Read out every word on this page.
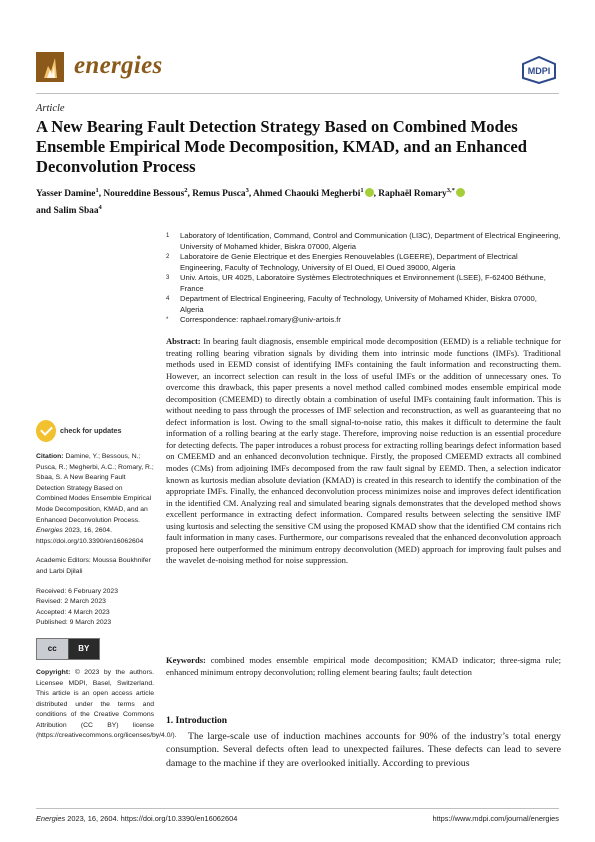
energies	MDPI
Article
A New Bearing Fault Detection Strategy Based on Combined Modes Ensemble Empirical Mode Decomposition, KMAD, and an Enhanced Deconvolution Process
Yasser Damine$^1$, Noureddine Bessous$^2$, Remus Pusca$^3$, Ahmed Chaouki Megherbi$^1$ , Raphaël Romary$^{3,*}$
and Salim Sbaa$^4$
1	Laboratory of Identification, Command, Control and Communication (LI3C), Department of Electrical Engineering, University of Mohamed khider, Biskra 07000, Algeria
2	Laboratoire de Genie Electrique et des Energies Renouvelables (LGEERE), Department of Electrical Engineering, Faculty of Technology, University of El Oued, El Oued 39000, Algeria
3	Univ. Artois, UR 4025, Laboratoire Systèmes Electrotechniques et Environnement (LSEE), F-62400 Béthune, France
4	Department of Electrical Engineering, Faculty of Technology, University of Mohamed Khider, Biskra 07000, Algeria
*	Correspondence: raphael.romary@univ-artois.fr
check for updates

Citation: Damine, Y.; Bessous, N.; Pusca, R.; Megherbi, A.C.; Romary, R.; Sbaa, S. A New Bearing Fault Detection Strategy Based on Combined Modes Ensemble Empirical Mode Decomposition, KMAD, and an Enhanced Deconvolution Process. Energies 2023, 16, 2604. https://doi.org/10.3390/en16062604

Academic Editors: Moussa Boukhnifer and Larbi Djilali

Received: 6 February 2023
Revised: 2 March 2023
Accepted: 4 March 2023
Published: 9 March 2023

cc	BY

Copyright: © 2023 by the authors. Licensee MDPI, Basel, Switzerland. This article is an open access article distributed under the terms and conditions of the Creative Commons Attribution (CC BY) license (https://creativecommons.org/licenses/by/4.0/).

Abstract: In bearing fault diagnosis, ensemble empirical mode decomposition (EEMD) is a reliable technique for treating rolling bearing vibration signals by dividing them into intrinsic mode functions (IMFs). Traditional methods used in EEMD consist of identifying IMFs containing the fault information and reconstructing them. However, an incorrect selection can result in the loss of useful IMFs or the addition of unnecessary ones. To overcome this drawback, this paper presents a novel method called combined modes ensemble empirical mode decomposition (CMEEMD) to directly obtain a combination of useful IMFs containing fault information. This is without needing to pass through the processes of IMF selection and reconstruction, as well as guaranteeing that no defect information is lost. Owing to the small signal-to-noise ratio, this makes it difficult to determine the fault information of a rolling bearing at the early stage. Therefore, improving noise reduction is an essential procedure for detecting defects. The paper introduces a robust process for extracting rolling bearings defect information based on CMEEMD and an enhanced deconvolution technique. Firstly, the proposed CMEEMD extracts all combined modes (CMs) from adjoining IMFs decomposed from the raw fault signal by EEMD. Then, a selection indicator known as kurtosis median absolute deviation (KMAD) is created in this research to identify the combination of the appropriate IMFs. Finally, the enhanced deconvolution process minimizes noise and improves defect identification in the identified CM. Analyzing real and simulated bearing signals demonstrates that the developed method shows excellent performance in extracting defect information. Compared results between selecting the sensitive IMF using kurtosis and selecting the sensitive CM using the proposed KMAD show that the identified CM contains rich fault information in many cases. Furthermore, our comparisons revealed that the enhanced deconvolution approach proposed here outperformed the minimum entropy deconvolution (MED) approach for improving fault pulses and the wavelet de-noising method for noise suppression.
Keywords: combined modes ensemble empirical mode decomposition; KMAD indicator; three-sigma rule; enhanced minimum entropy deconvolution; rolling element bearing faults; fault detection
1. Introduction

The large-scale use of induction machines accounts for 90% of the industry’s total energy consumption. Several defects often lead to unexpected failures. These defects can lead to severe damage to the machine if they are overlooked initially. According to previous

Energies 2023, 16, 2604. https://doi.org/10.3390/en16062604	https://www.mdpi.com/journal/energies
